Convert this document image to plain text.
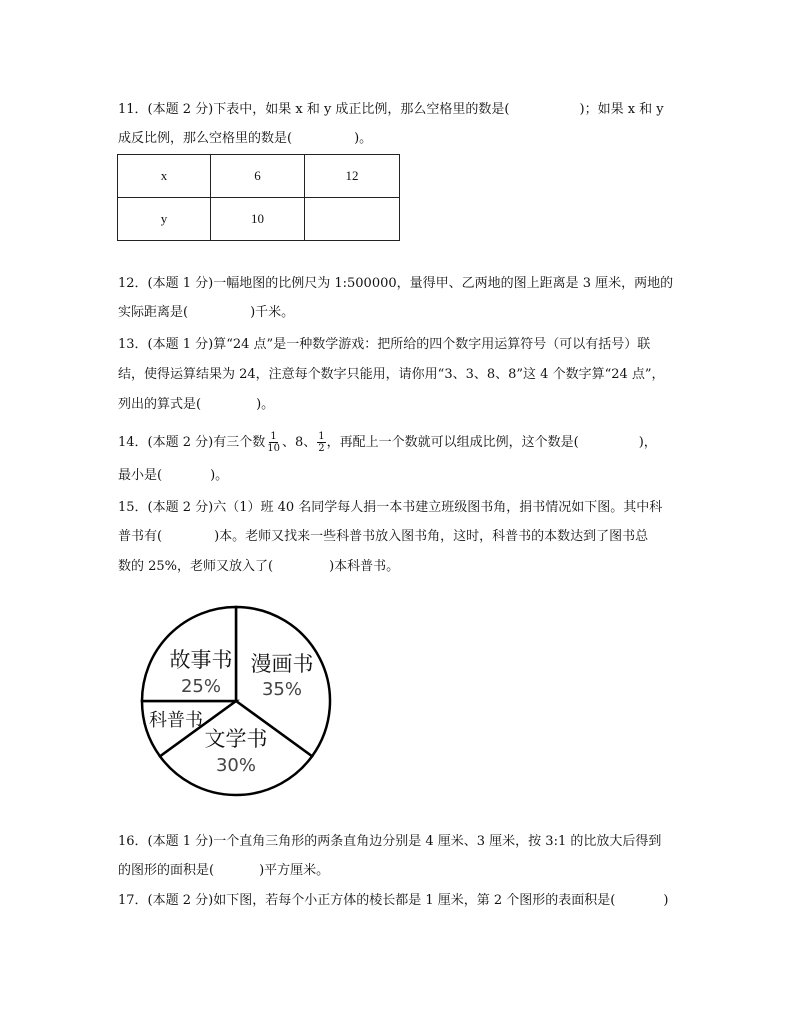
11．(本题 2 分)下表中，如果 x 和 y 成正比例，那么空格里的数是(	)；如果 x 和 y
成反比例，那么空格里的数是(	)。
x	6	12
y	10	
12．(本题 1 分)一幅地图的比例尺为 1:500000，量得甲、乙两地的图上距离是 3 厘米，两地的
实际距离是(	)千米。
13．(本题 1 分)算“24 点”是一种数学游戏：把所给的四个数字用运算符号（可以有括号）联
结，使得运算结果为 24，注意每个数字只能用，请你用“3、3、8、8”这 4 个数字算“24 点”，
列出的算式是(	)。
14．(本题 2 分)有三个数 $\frac{1}{10}$ 、8、 $\frac{1}{2}$ ，再配上一个数就可以组成比例，这个数是(	)，
最小是(	)。
15．(本题 2 分)六（1）班 40 名同学每人捐一本书建立班级图书角，捐书情况如下图。其中科
普书有(	)本。老师又找来一些科普书放入图书角，这时，科普书的本数达到了图书总
数的 25%，老师又放入了(	)本科普书。
漫画书
35%
文学书
30%
科普书
故事书
25%
16．(本题 1 分)一个直角三角形的两条直角边分别是 4 厘米、3 厘米，按 3:1 的比放大后得到
的图形的面积是(	)平方厘米。
17．(本题 2 分)如下图，若每个小正方体的棱长都是 1 厘米，第 2 个图形的表面积是(	)
